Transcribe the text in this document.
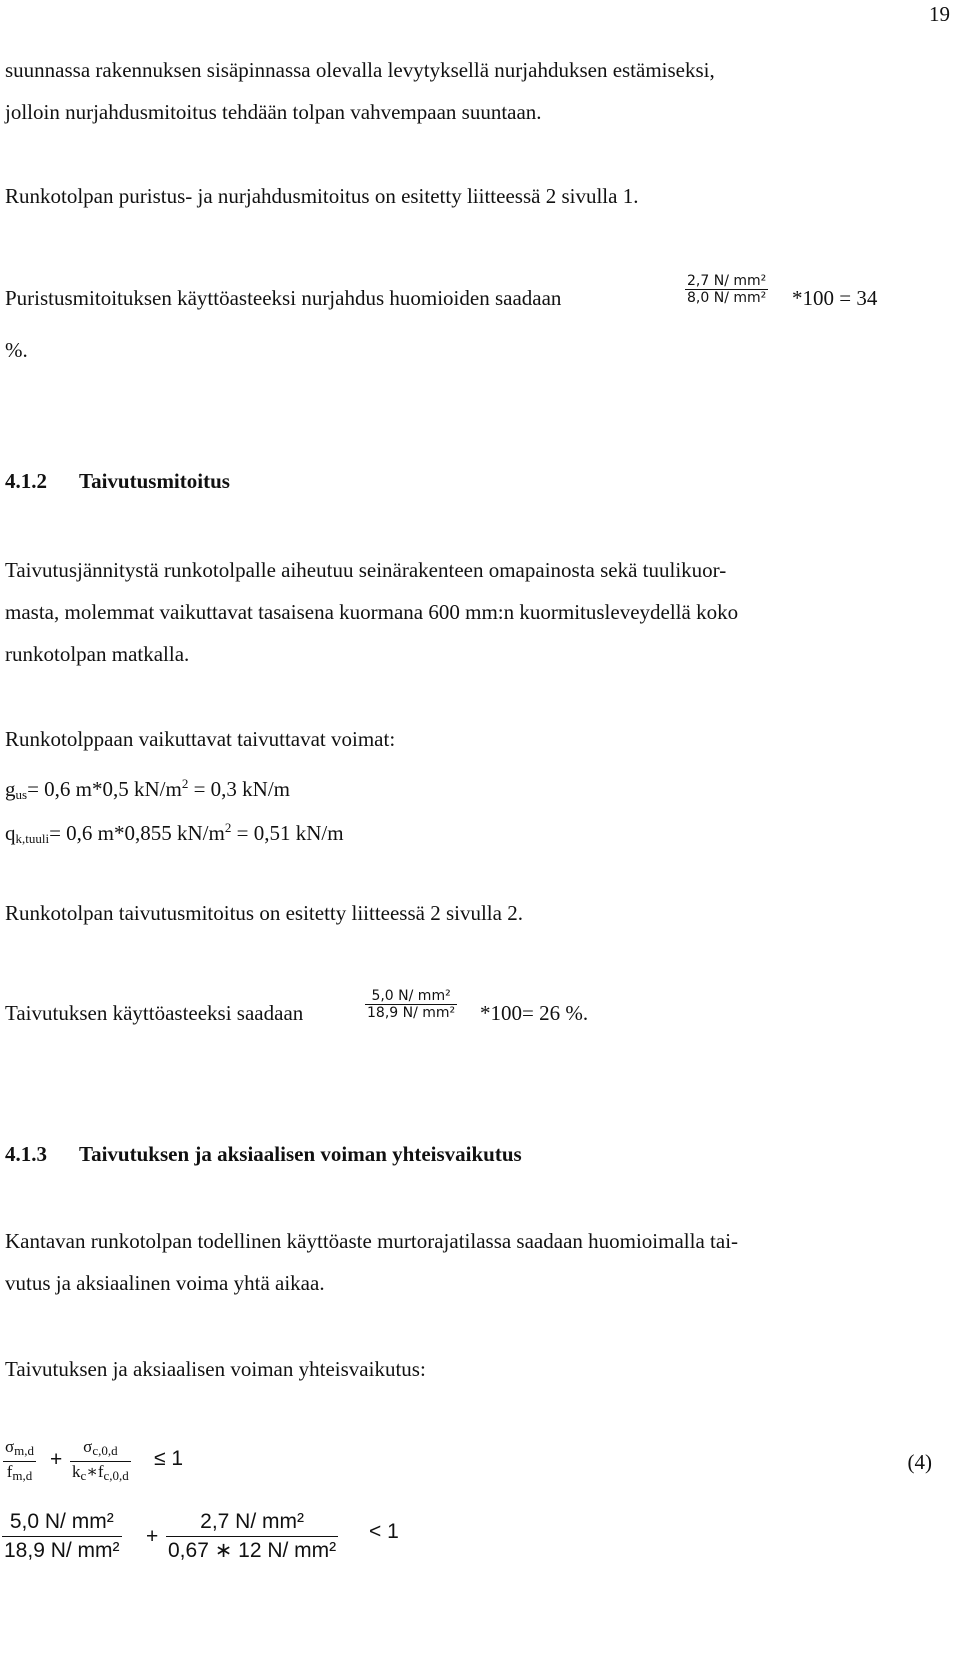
19
suunnassa rakennuksen sisäpinnassa olevalla levytyksellä nurjahduksen estämiseksi,
jolloin nurjahdusmitoitus tehdään tolpan vahvempaan suuntaan.
Runkotolpan puristus- ja nurjahdusmitoitus on esitetty liitteessä 2 sivulla 1.
Puristusmitoituksen käyttöasteeksi nurjahdus huomioiden saadaan
2,7 N/ mm²
8,0 N/ mm² *100 = 34
%.
4.1.2 Taivutusmitoitus
Taivutusjännitystä runkotolpalle aiheutuu seinärakenteen omapainosta sekä tuulikuor-
masta, molemmat vaikuttavat tasaisena kuormana 600 mm:n kuormitusleveydellä koko
runkotolpan matkalla.
Runkotolppaan vaikuttavat taivuttavat voimat:
$g_{us}= 0,6$ m*0,5 $kN/m^2 = 0,3$ kN/m
$q_{k,tuuli}= 0,6$ m*0,855 $kN/m^2 = 0,51$ kN/m
Runkotolpan taivutusmitoitus on esitetty liitteessä 2 sivulla 2.
Taivutuksen käyttöasteeksi saadaan
5,0 N/ mm²
18,9 N/ mm² *100= 26 %.
4.1.3 Taivutuksen ja aksiaalisen voiman yhteisvaikutus
Kantavan runkotolpan todellinen käyttöaste murtorajatilassa saadaan huomioimalla tai-
vutus ja aksiaalinen voima yhtä aikaa.
Taivutuksen ja aksiaalisen voiman yhteisvaikutus:
$\sigma_{m,d}$
$f_{m,d}$
+
$\sigma_{c,0,d}$
$k_c∗f_{c,0,d}$
≤ 1	(4)
5,0 N/ mm²
18,9 N/ mm²
+
2,7 N/ mm²
0,67 ∗ 12 N/ mm²
< 1
